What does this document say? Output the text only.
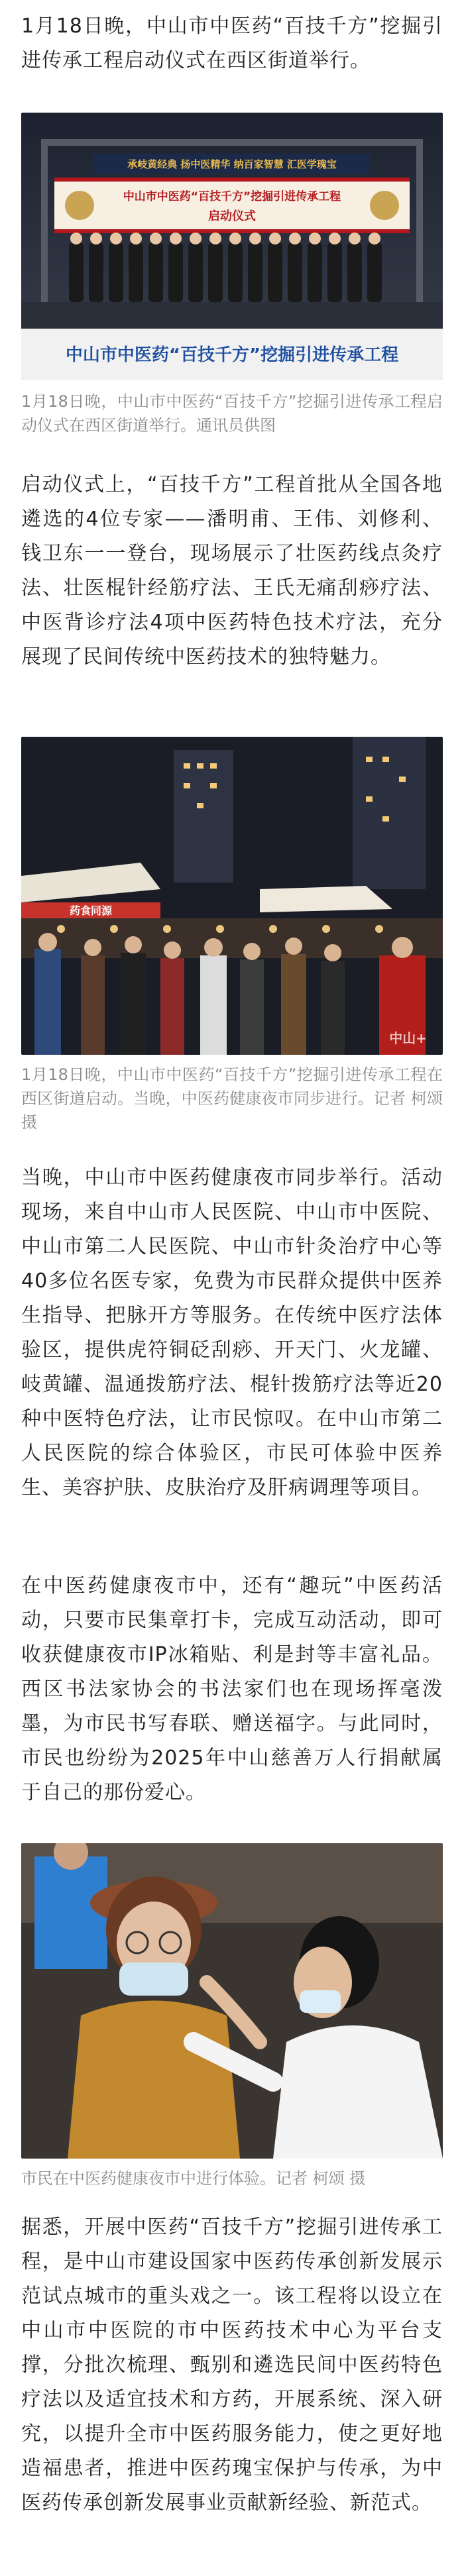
1月18日晚，中山市中医药“百技千方”挖掘引进传承工程启动仪式在西区街道举行。

承岐黄经典 扬中医精华 纳百家智慧 汇医学瑰宝
中山市中医药“百技千方”挖掘引进传承工程
启动仪式
中山市中医药“百技千方”挖掘引进传承工程

1月18日晚，中山市中医药“百技千方”挖掘引进传承工程启动仪式在西区街道举行。通讯员供图

启动仪式上，“百技千方”工程首批从全国各地遴选的4位专家——潘明甫、王伟、刘修利、钱卫东一一登台，现场展示了壮医药线点灸疗法、壮医棍针经筋疗法、王氏无痛刮痧疗法、中医背诊疗法4项中医药特色技术疗法，充分展现了民间传统中医药技术的独特魅力。

药食同源
中山+

1月18日晚，中山市中医药“百技千方”挖掘引进传承工程在西区街道启动。当晚，中医药健康夜市同步进行。记者 柯颂 摄

当晚，中山市中医药健康夜市同步举行。活动现场，来自中山市人民医院、中山市中医院、中山市第二人民医院、中山市针灸治疗中心等40多位名医专家，免费为市民群众提供中医养生指导、把脉开方等服务。在传统中医疗法体验区，提供虎符铜砭刮痧、开天门、火龙罐、岐黄罐、温通拨筋疗法、棍针拨筋疗法等近20种中医特色疗法，让市民惊叹。在中山市第二人民医院的综合体验区，市民可体验中医养生、美容护肤、皮肤治疗及肝病调理等项目。

在中医药健康夜市中，还有“趣玩”中医药活动，只要市民集章打卡，完成互动活动，即可收获健康夜市IP冰箱贴、利是封等丰富礼品。西区书法家协会的书法家们也在现场挥毫泼墨，为市民书写春联、赠送福字。与此同时，市民也纷纷为2025年中山慈善万人行捐献属于自己的那份爱心。

市民在中医药健康夜市中进行体验。记者 柯颂 摄

据悉，开展中医药“百技千方”挖掘引进传承工程，是中山市建设国家中医药传承创新发展示范试点城市的重头戏之一。该工程将以设立在中山市中医院的市中医药技术中心为平台支撑，分批次梳理、甄别和遴选民间中医药特色疗法以及适宜技术和方药，开展系统、深入研究，以提升全市中医药服务能力，使之更好地造福患者，推进中医药瑰宝保护与传承，为中医药传承创新发展事业贡献新经验、新范式。
